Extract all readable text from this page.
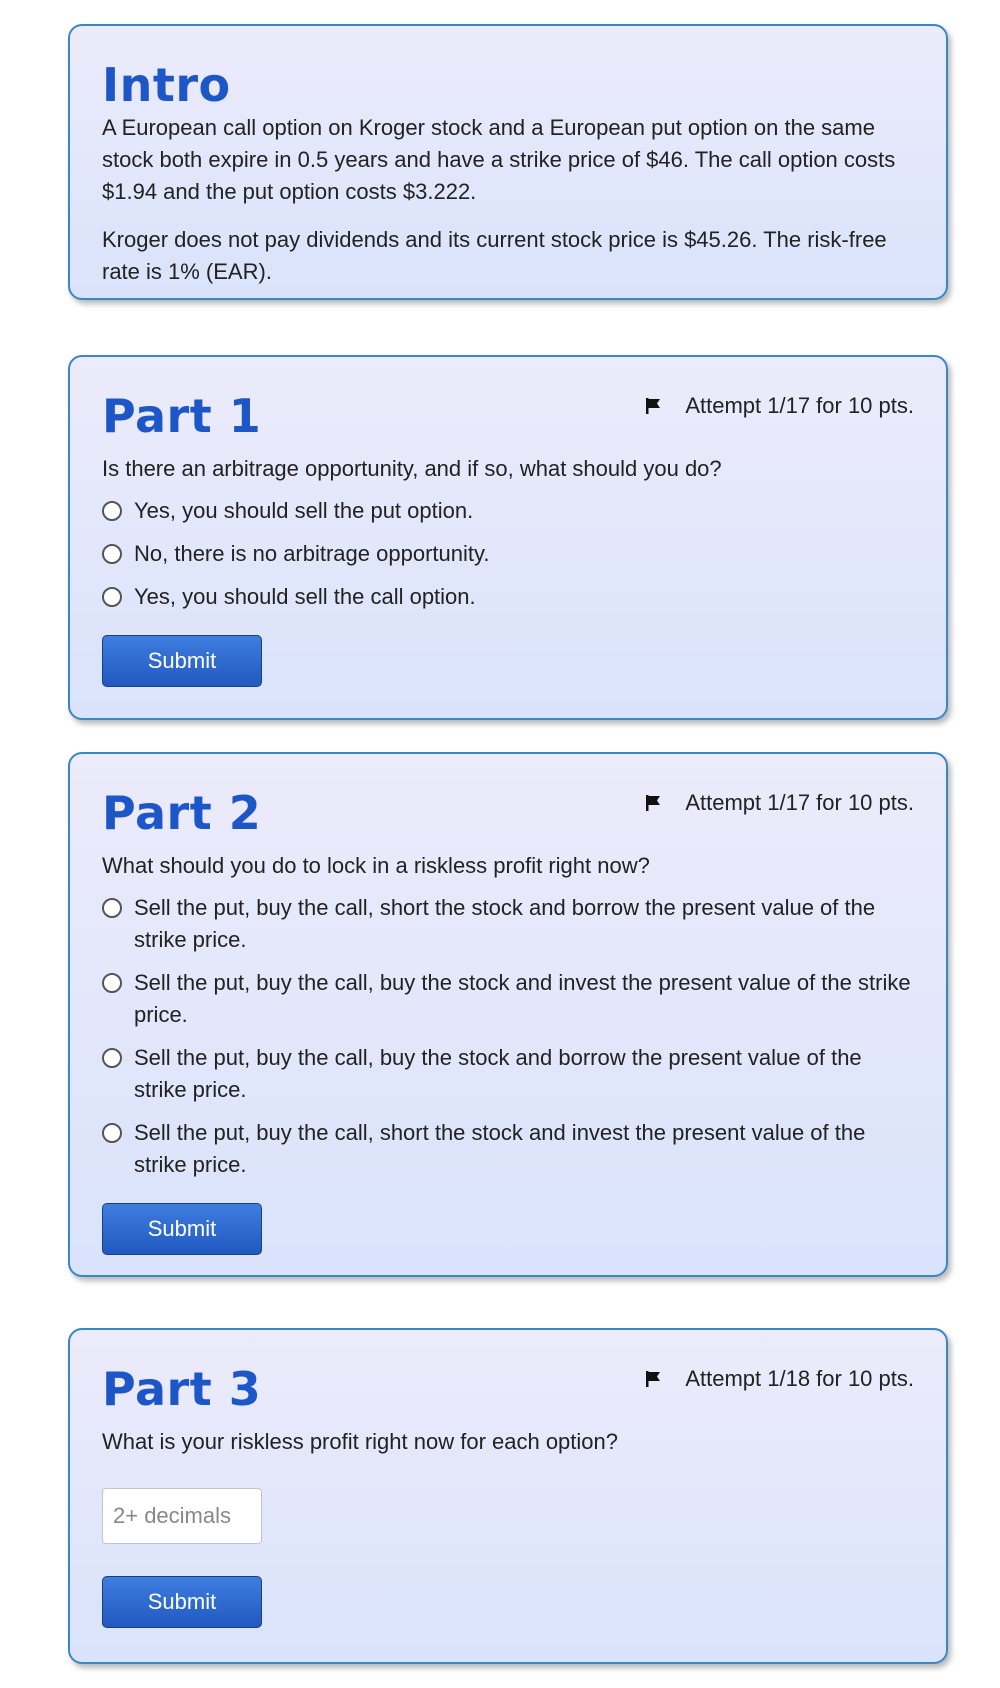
Intro

A European call option on Kroger stock and a European put option on the same stock both expire in 0.5 years and have a strike price of $46. The call option costs $1.94 and the put option costs $3.222.

Kroger does not pay dividends and its current stock price is $45.26. The risk-free rate is 1% (EAR).

Part 1	Attempt 1/17 for 10 pts.

Is there an arbitrage opportunity, and if so, what should you do?

Yes, you should sell the put option.
No, there is no arbitrage opportunity.
Yes, you should sell the call option.
Submit
Part 2	Attempt 1/17 for 10 pts.

What should you do to lock in a riskless profit right now?

Sell the put, buy the call, short the stock and borrow the present value of the strike price.
Sell the put, buy the call, buy the stock and invest the present value of the strike price.
Sell the put, buy the call, buy the stock and borrow the present value of the strike price.
Sell the put, buy the call, short the stock and invest the present value of the strike price.
Submit
Part 3	Attempt 1/18 for 10 pts.

What is your riskless profit right now for each option?

2+ decimals
Submit
